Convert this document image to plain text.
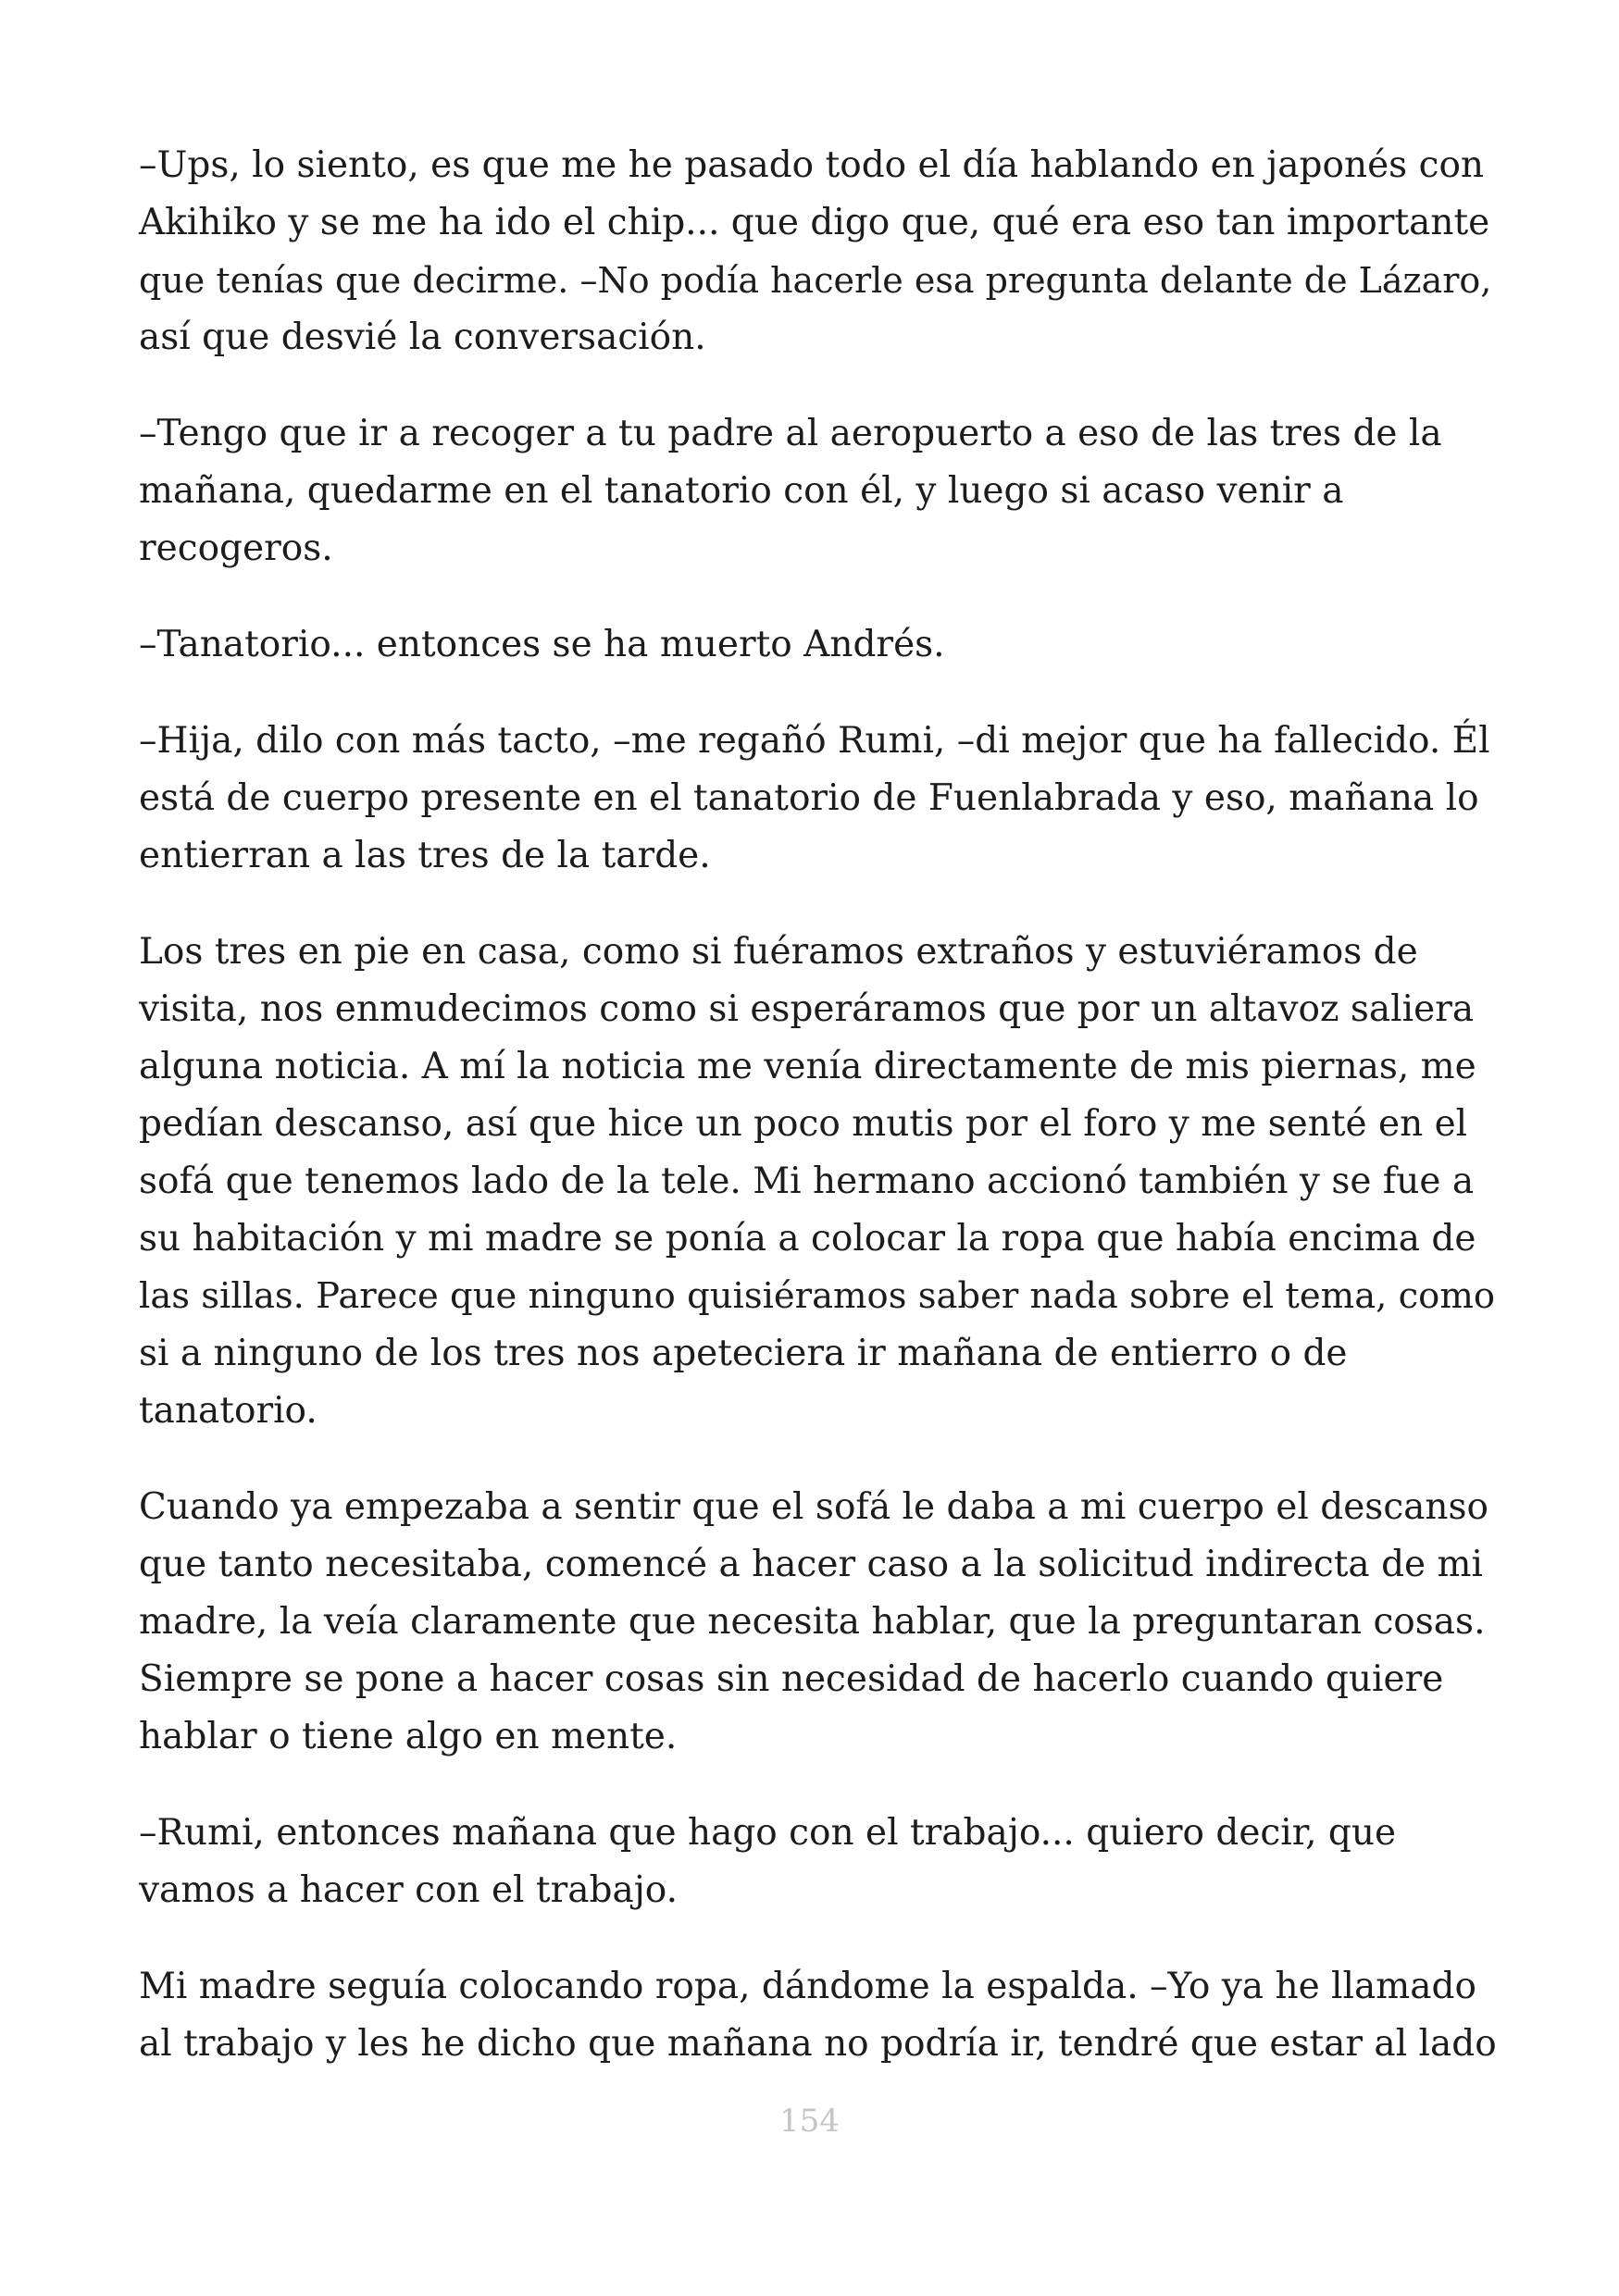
–Ups, lo siento, es que me he pasado todo el día hablando en japonés con
Akihiko y se me ha ido el chip... que digo que, qué era eso tan importante
que tenías que decirme. –No podía hacerle esa pregunta delante de Lázaro,
así que desvié la conversación.

–Tengo que ir a recoger a tu padre al aeropuerto a eso de las tres de la
mañana, quedarme en el tanatorio con él, y luego si acaso venir a
recogeros.

–Tanatorio... entonces se ha muerto Andrés.

–Hija, dilo con más tacto, –me regañó Rumi, –di mejor que ha fallecido. Él
está de cuerpo presente en el tanatorio de Fuenlabrada y eso, mañana lo
entierran a las tres de la tarde.

Los tres en pie en casa, como si fuéramos extraños y estuviéramos de
visita, nos enmudecimos como si esperáramos que por un altavoz saliera
alguna noticia. A mí la noticia me venía directamente de mis piernas, me
pedían descanso, así que hice un poco mutis por el foro y me senté en el
sofá que tenemos lado de la tele. Mi hermano accionó también y se fue a
su habitación y mi madre se ponía a colocar la ropa que había encima de
las sillas. Parece que ninguno quisiéramos saber nada sobre el tema, como
si a ninguno de los tres nos apeteciera ir mañana de entierro o de
tanatorio.

Cuando ya empezaba a sentir que el sofá le daba a mi cuerpo el descanso
que tanto necesitaba, comencé a hacer caso a la solicitud indirecta de mi
madre, la veía claramente que necesita hablar, que la preguntaran cosas.
Siempre se pone a hacer cosas sin necesidad de hacerlo cuando quiere
hablar o tiene algo en mente.

–Rumi, entonces mañana que hago con el trabajo... quiero decir, que
vamos a hacer con el trabajo.

Mi madre seguía colocando ropa, dándome la espalda. –Yo ya he llamado
al trabajo y les he dicho que mañana no podría ir, tendré que estar al lado

154
